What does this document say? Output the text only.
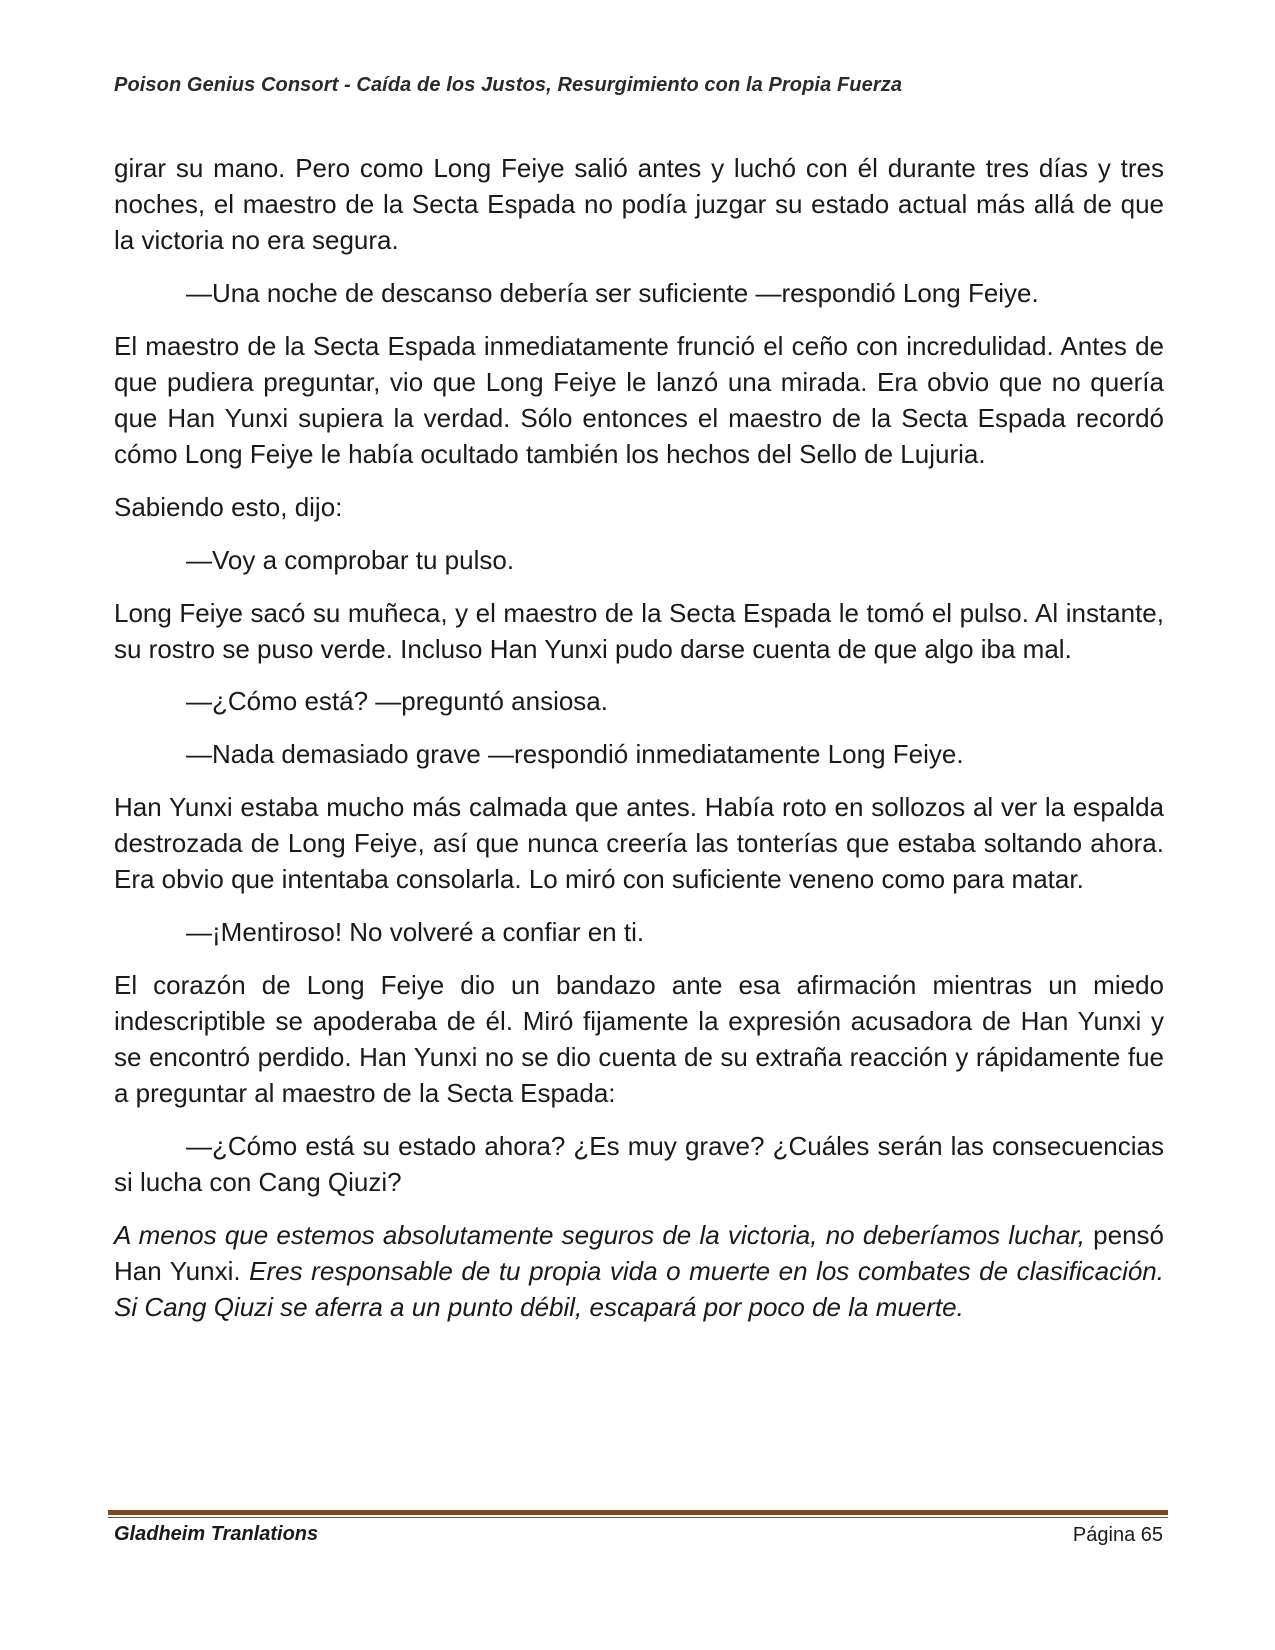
Poison Genius Consort - Caída de los Justos, Resurgimiento con la Propia Fuerza

girar su mano. Pero como Long Feiye salió antes y luchó con él durante tres días y tres noches, el maestro de la Secta Espada no podía juzgar su estado actual más allá de que la victoria no era segura.

—Una noche de descanso debería ser suficiente —respondió Long Feiye.

El maestro de la Secta Espada inmediatamente frunció el ceño con incredulidad. Antes de que pudiera preguntar, vio que Long Feiye le lanzó una mirada. Era obvio que no quería que Han Yunxi supiera la verdad. Sólo entonces el maestro de la Secta Espada recordó cómo Long Feiye le había ocultado también los hechos del Sello de Lujuria.

Sabiendo esto, dijo:

—Voy a comprobar tu pulso.

Long Feiye sacó su muñeca, y el maestro de la Secta Espada le tomó el pulso. Al instante, su rostro se puso verde. Incluso Han Yunxi pudo darse cuenta de que algo iba mal.

—¿Cómo está? —preguntó ansiosa.

—Nada demasiado grave —respondió inmediatamente Long Feiye.

Han Yunxi estaba mucho más calmada que antes. Había roto en sollozos al ver la espalda destrozada de Long Feiye, así que nunca creería las tonterías que estaba soltando ahora. Era obvio que intentaba consolarla. Lo miró con suficiente veneno como para matar.

—¡Mentiroso! No volveré a confiar en ti.

El corazón de Long Feiye dio un bandazo ante esa afirmación mientras un miedo indescriptible se apoderaba de él. Miró fijamente la expresión acusadora de Han Yunxi y se encontró perdido. Han Yunxi no se dio cuenta de su extraña reacción y rápidamente fue a preguntar al maestro de la Secta Espada:

—¿Cómo está su estado ahora? ¿Es muy grave? ¿Cuáles serán las consecuencias si lucha con Cang Qiuzi?

A menos que estemos absolutamente seguros de la victoria, no deberíamos luchar, pensó Han Yunxi. Eres responsable de tu propia vida o muerte en los combates de clasificación. Si Cang Qiuzi se aferra a un punto débil, escapará por poco de la muerte.

Gladheim Tranlations	Página 65
